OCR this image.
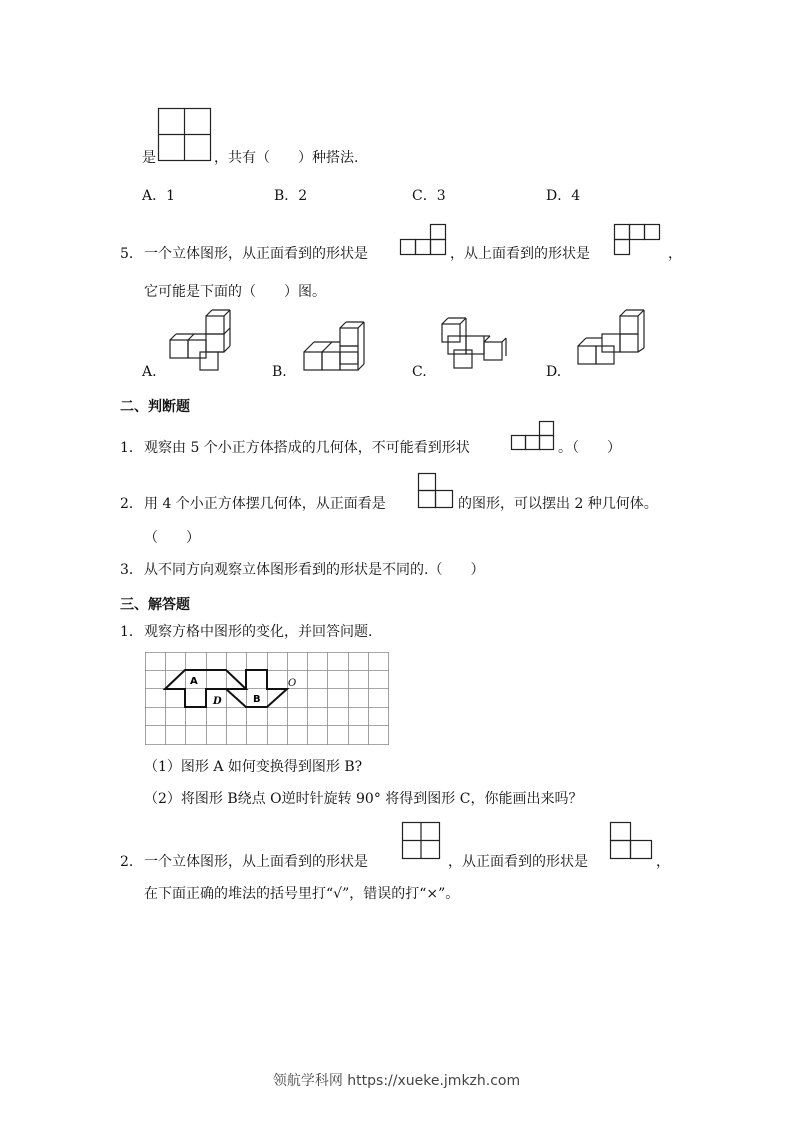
是	，共有（　　）种搭法.
A．1	B．2	C．3	D．4
5． 一个立体图形，从正面看到的形状是	，从上面看到的形状是	，
它可能是下面的（　　）图。
A.	B.	C.	D.
二、判断题
1． 观察由 5 个小正方体搭成的几何体，不可能看到形状	。（　　）
2． 用 4 个小正方体摆几何体，从正面看是	的图形，可以摆出 2 种几何体。
（　　）
3． 从不同方向观察立体图形看到的形状是不同的.（　　）
三、解答题
1． 观察方格中图形的变化，并回答问题.
A
B
D
O
（1）图形 A 如何变换得到图形 B?
（2）将图形 B绕点 O逆时针旋转 90° 将得到图形 C，你能画出来吗？
2． 一个立体图形，从上面看到的形状是	，从正面看到的形状是	，
在下面正确的堆法的括号里打“√”，错误的打“×”。
领航学科网 https://xueke.jmkzh.com
